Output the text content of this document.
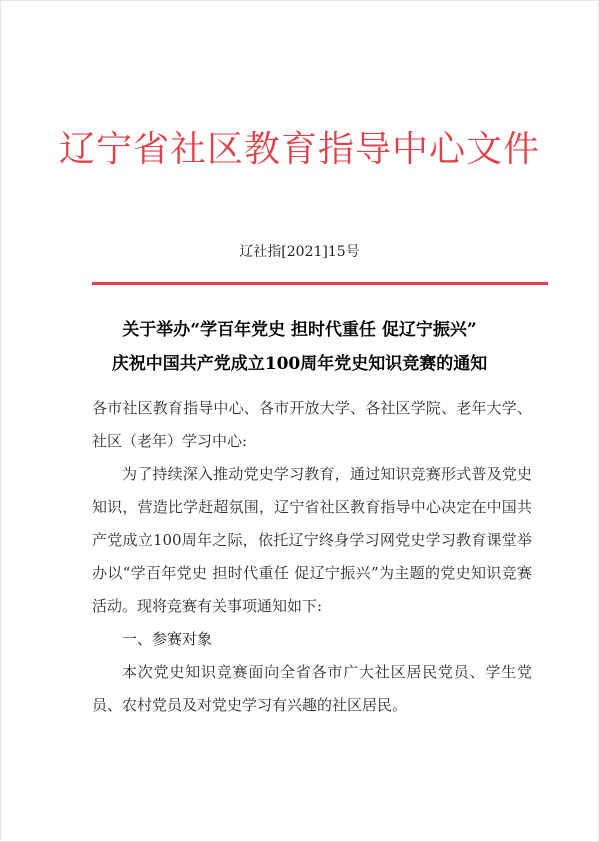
辽宁省社区教育指导中心文件
辽社指[2021]15号
关于举办“学百年党史 担时代重任 促辽宁振兴”
庆祝中国共产党成立100周年党史知识竞赛的通知

各市社区教育指导中心、各市开放大学、各社区学院、老年大学、社区（老年）学习中心:

为了持续深入推动党史学习教育，通过知识竞赛形式普及党史知识，营造比学赶超氛围，辽宁省社区教育指导中心决定在中国共产党成立100周年之际，依托辽宁终身学习网党史学习教育课堂举办以“学百年党史 担时代重任 促辽宁振兴”为主题的党史知识竞赛活动。现将竞赛有关事项通知如下:

一、参赛对象

本次党史知识竞赛面向全省各市广大社区居民党员、学生党员、农村党员及对党史学习有兴趣的社区居民。
